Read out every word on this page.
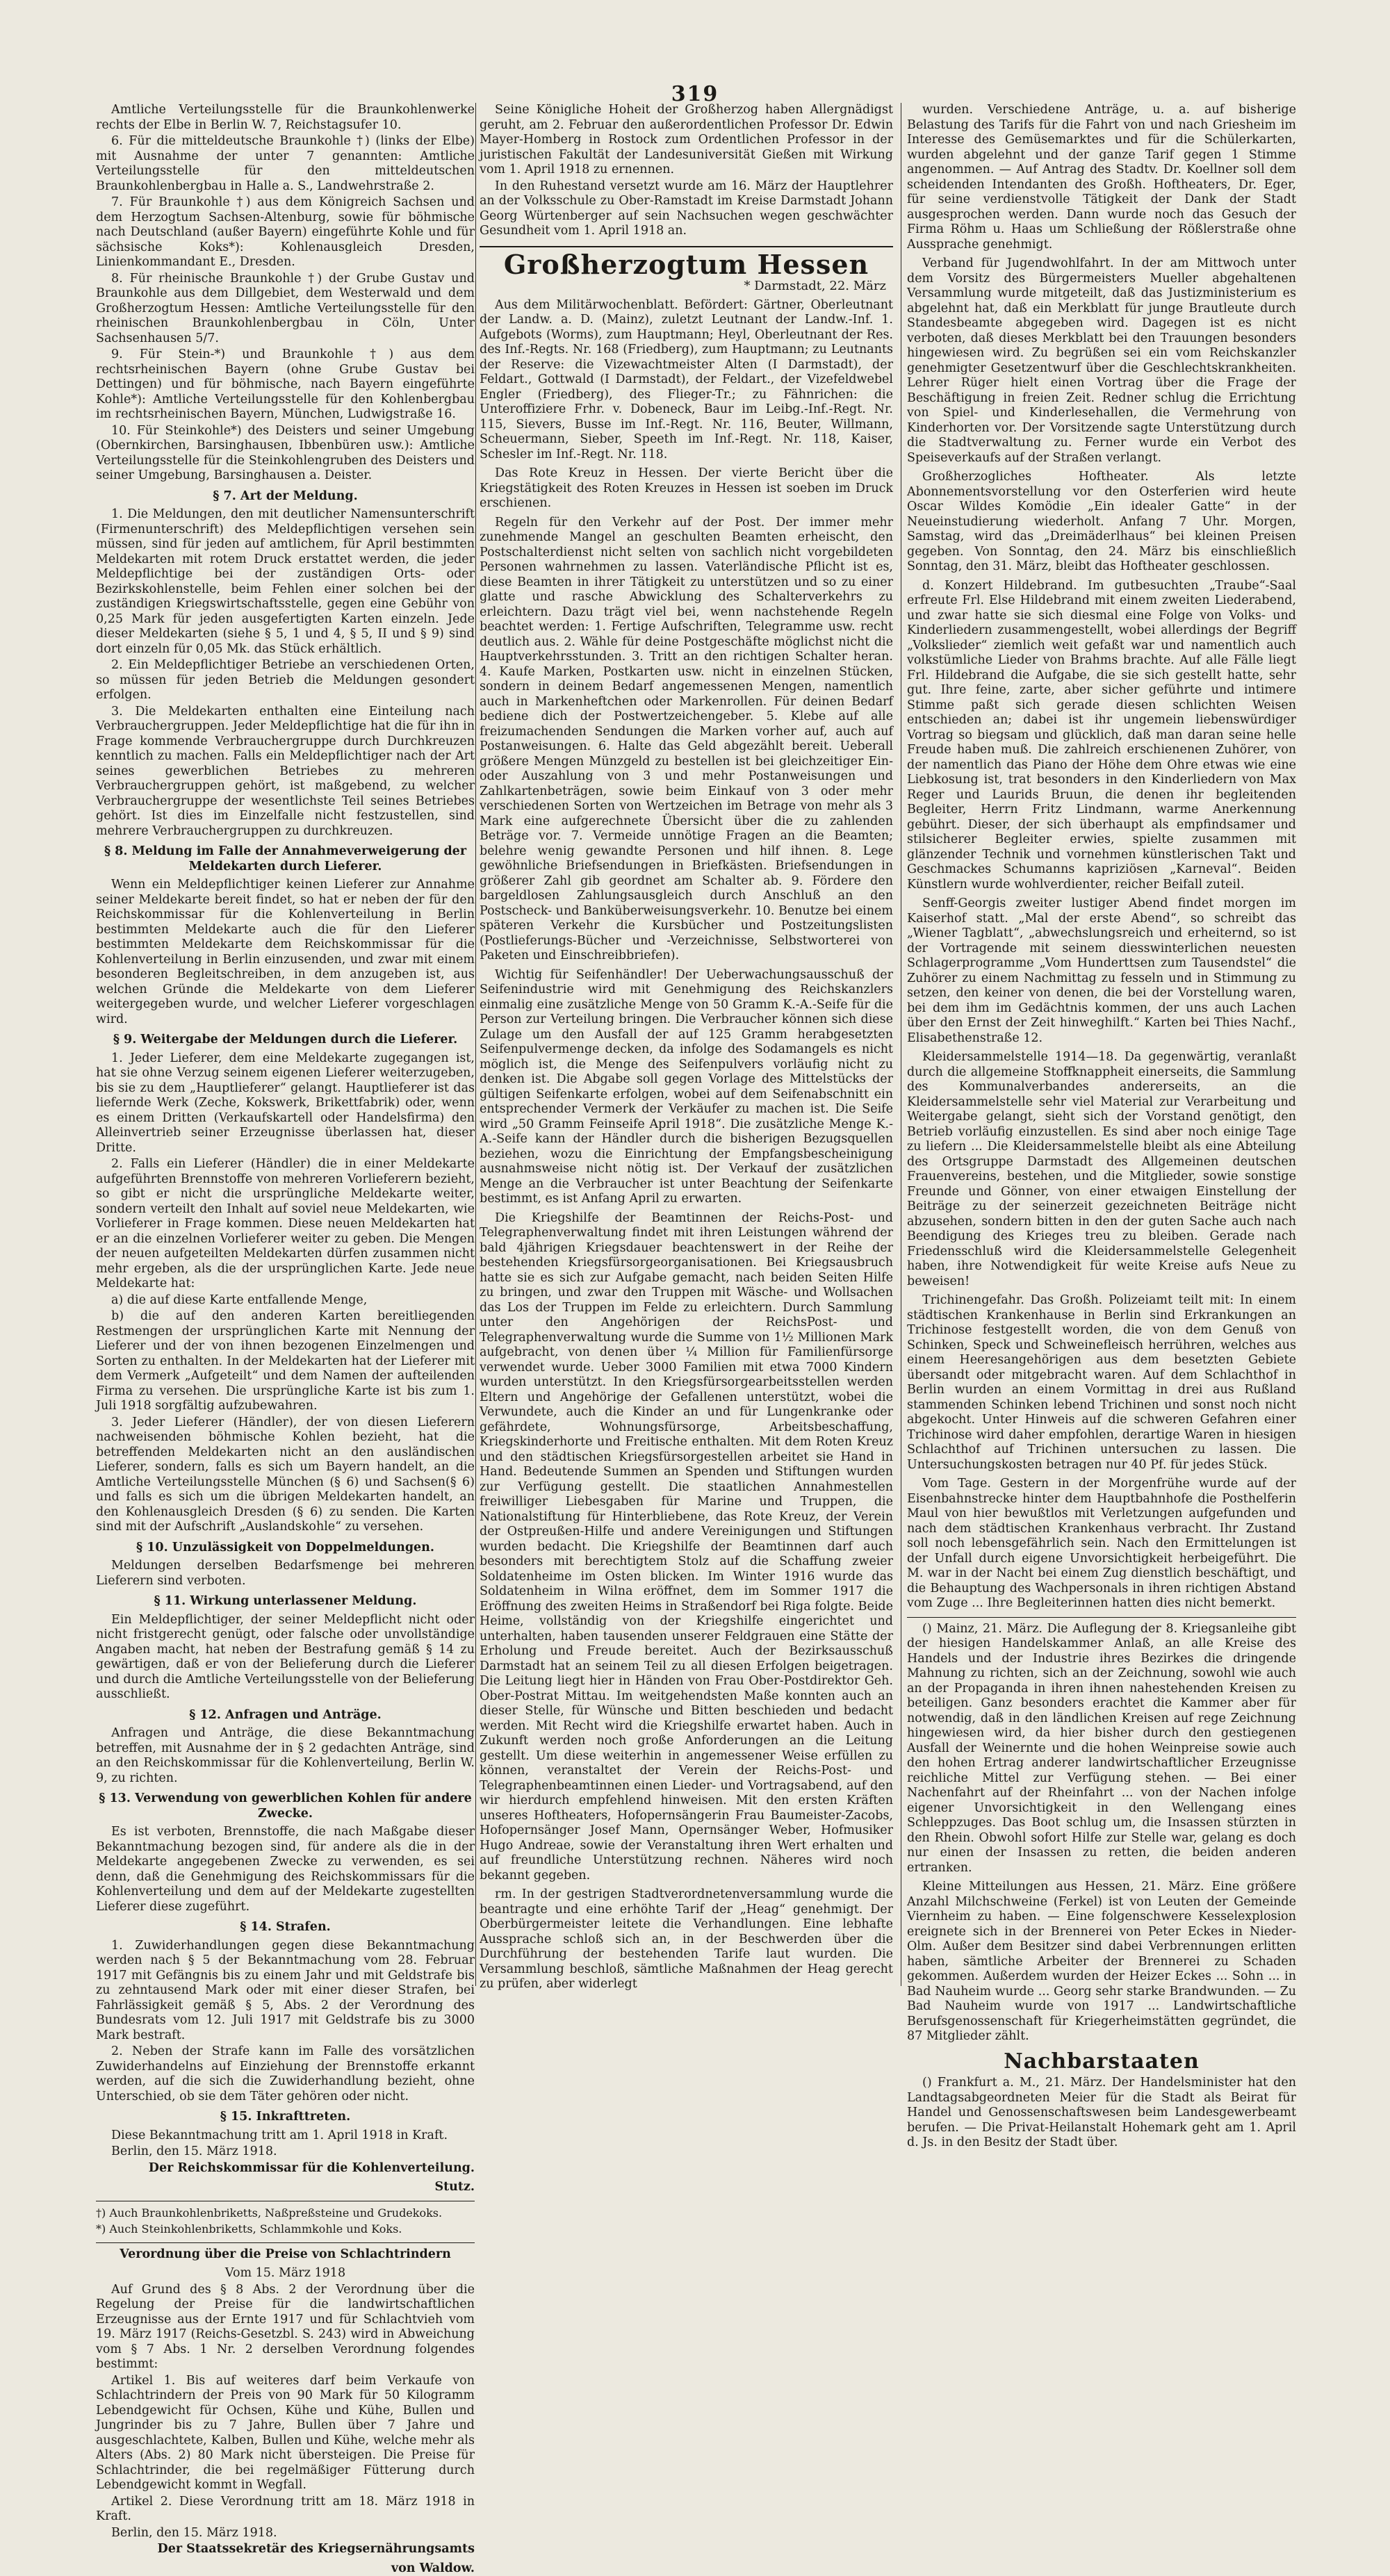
319

Amtliche Verteilungsstelle für die Braunkohlenwerke rechts der Elbe in Berlin W. 7, Reichstagsufer 10.

6. Für die mitteldeutsche Braunkohle †) (links der Elbe) mit Ausnahme der unter 7 genannten: Amtliche Verteilungsstelle für den mitteldeutschen Braunkohlenbergbau in Halle a. S., Landwehrstraße 2.

7. Für Braunkohle †) aus dem Königreich Sachsen und dem Herzogtum Sachsen-Altenburg, sowie für böhmische nach Deutschland (außer Bayern) eingeführte Kohle und für sächsische Koks*): Kohlenausgleich Dresden, Linienkommandant E., Dresden.

8. Für rheinische Braunkohle †) der Grube Gustav und Braunkohle aus dem Dillgebiet, dem Westerwald und dem Großherzogtum Hessen: Amtliche Verteilungsstelle für den rheinischen Braunkohlenbergbau in Cöln, Unter Sachsenhausen 5/7.

9. Für Stein-*) und Braunkohle †) aus dem rechtsrheinischen Bayern (ohne Grube Gustav bei Dettingen) und für böhmische, nach Bayern eingeführte Kohle*): Amtliche Verteilungsstelle für den Kohlenbergbau im rechtsrheinischen Bayern, München, Ludwigstraße 16.

10. Für Steinkohle*) des Deisters und seiner Umgebung (Obernkirchen, Barsinghausen, Ibbenbüren usw.): Amtliche Verteilungsstelle für die Steinkohlengruben des Deisters und seiner Umgebung, Barsinghausen a. Deister.

§ 7. Art der Meldung.

1. Die Meldungen, den mit deutlicher Namensunterschrift (Firmenunterschrift) des Meldepflichtigen versehen sein müssen, sind für jeden auf amtlichem, für April bestimmten Meldekarten mit rotem Druck erstattet werden, die jeder Meldepflichtige bei der zuständigen Orts- oder Bezirkskohlenstelle, beim Fehlen einer solchen bei der zuständigen Kriegswirtschaftsstelle, gegen eine Gebühr von 0,25 Mark für jeden ausgefertigten Karten einzeln. Jede dieser Meldekarten (siehe § 5, 1 und 4, § 5, II und § 9) sind dort einzeln für 0,05 Mk. das Stück erhältlich.

2. Ein Meldepflichtiger Betriebe an verschiedenen Orten, so müssen für jeden Betrieb die Meldungen gesondert erfolgen.

3. Die Meldekarten enthalten eine Einteilung nach Verbrauchergruppen. Jeder Meldepflichtige hat die für ihn in Frage kommende Verbrauchergruppe durch Durchkreuzen kenntlich zu machen. Falls ein Meldepflichtiger nach der Art seines gewerblichen Betriebes zu mehreren Verbrauchergruppen gehört, ist maßgebend, zu welcher Verbrauchergruppe der wesentlichste Teil seines Betriebes gehört. Ist dies im Einzelfalle nicht festzustellen, sind mehrere Verbrauchergruppen zu durchkreuzen.

§ 8. Meldung im Falle der Annahmeverweigerung der Meldekarten durch Lieferer.

Wenn ein Meldepflichtiger keinen Lieferer zur Annahme seiner Meldekarte bereit findet, so hat er neben der für den Reichskommissar für die Kohlenverteilung in Berlin bestimmten Meldekarte auch die für den Lieferer bestimmten Meldekarte dem Reichskommissar für die Kohlenverteilung in Berlin einzusenden, und zwar mit einem besonderen Begleitschreiben, in dem anzugeben ist, aus welchen Gründe die Meldekarte von dem Lieferer weitergegeben wurde, und welcher Lieferer vorgeschlagen wird.

§ 9. Weitergabe der Meldungen durch die Lieferer.

1. Jeder Lieferer, dem eine Meldekarte zugegangen ist, hat sie ohne Verzug seinem eigenen Lieferer weiterzugeben, bis sie zu dem „Hauptlieferer“ gelangt. Hauptlieferer ist das liefernde Werk (Zeche, Kokswerk, Brikettfabrik) oder, wenn es einem Dritten (Verkaufskartell oder Handelsfirma) den Alleinvertrieb seiner Erzeugnisse überlassen hat, dieser Dritte.

2. Falls ein Lieferer (Händler) die in einer Meldekarte aufgeführten Brennstoffe von mehreren Vorlieferern bezieht, so gibt er nicht die ursprüngliche Meldekarte weiter, sondern verteilt den Inhalt auf soviel neue Meldekarten, wie Vorlieferer in Frage kommen. Diese neuen Meldekarten hat er an die einzelnen Vorlieferer weiter zu geben. Die Mengen der neuen aufgeteilten Meldekarten dürfen zusammen nicht mehr ergeben, als die der ursprünglichen Karte. Jede neue Meldekarte hat:

a) die auf diese Karte entfallende Menge,

b) die auf den anderen Karten bereitliegenden Restmengen der ursprünglichen Karte mit Nennung der Lieferer und der von ihnen bezogenen Einzelmengen und Sorten zu enthalten. In der Meldekarten hat der Lieferer mit dem Vermerk „Aufgeteilt“ und dem Namen der aufteilenden Firma zu versehen. Die ursprüngliche Karte ist bis zum 1. Juli 1918 sorgfältig aufzubewahren.

3. Jeder Lieferer (Händler), der von diesen Lieferern nachweisenden böhmische Kohlen bezieht, hat die betreffenden Meldekarten nicht an den ausländischen Lieferer, sondern, falls es sich um Bayern handelt, an die Amtliche Verteilungsstelle München (§ 6) und Sachsen(§ 6) und falls es sich um die übrigen Meldekarten handelt, an den Kohlenausgleich Dresden (§ 6) zu senden. Die Karten sind mit der Aufschrift „Auslandskohle“ zu versehen.

§ 10. Unzulässigkeit von Doppelmeldungen.

Meldungen derselben Bedarfsmenge bei mehreren Lieferern sind verboten.

§ 11. Wirkung unterlassener Meldung.

Ein Meldepflichtiger, der seiner Meldepflicht nicht oder nicht fristgerecht genügt, oder falsche oder unvollständige Angaben macht, hat neben der Bestrafung gemäß § 14 zu gewärtigen, daß er von der Belieferung durch die Lieferer und durch die Amtliche Verteilungsstelle von der Belieferung ausschließt.

§ 12. Anfragen und Anträge.

Anfragen und Anträge, die diese Bekanntmachung betreffen, mit Ausnahme der in § 2 gedachten Anträge, sind an den Reichskommissar für die Kohlenverteilung, Berlin W. 9, zu richten.

§ 13. Verwendung von gewerblichen Kohlen für andere Zwecke.

Es ist verboten, Brennstoffe, die nach Maßgabe dieser Bekanntmachung bezogen sind, für andere als die in der Meldekarte angegebenen Zwecke zu verwenden, es sei denn, daß die Genehmigung des Reichskommissars für die Kohlenverteilung und dem auf der Meldekarte zugestellten Lieferer diese zugeführt.

§ 14. Strafen.

1. Zuwiderhandlungen gegen diese Bekanntmachung werden nach § 5 der Bekanntmachung vom 28. Februar 1917 mit Gefängnis bis zu einem Jahr und mit Geldstrafe bis zu zehntausend Mark oder mit einer dieser Strafen, bei Fahrlässigkeit gemäß § 5, Abs. 2 der Verordnung des Bundesrats vom 12. Juli 1917 mit Geldstrafe bis zu 3000 Mark bestraft.

2. Neben der Strafe kann im Falle des vorsätzlichen Zuwiderhandelns auf Einziehung der Brennstoffe erkannt werden, auf die sich die Zuwiderhandlung bezieht, ohne Unterschied, ob sie dem Täter gehören oder nicht.

§ 15. Inkrafttreten.

Diese Bekanntmachung tritt am 1. April 1918 in Kraft.

Berlin, den 15. März 1918.

Der Reichskommissar für die Kohlenverteilung.

Stutz.

†) Auch Braunkohlenbriketts, Naßpreßsteine und Grudekoks.

*) Auch Steinkohlenbriketts, Schlammkohle und Koks.

Verordnung über die Preise von Schlachtrindern

Vom 15. März 1918

Auf Grund des § 8 Abs. 2 der Verordnung über die Regelung der Preise für die landwirtschaftlichen Erzeugnisse aus der Ernte 1917 und für Schlachtvieh vom 19. März 1917 (Reichs-Gesetzbl. S. 243) wird in Abweichung vom § 7 Abs. 1 Nr. 2 derselben Verordnung folgendes bestimmt:

Artikel 1. Bis auf weiteres darf beim Verkaufe von Schlachtrindern der Preis von 90 Mark für 50 Kilogramm Lebendgewicht für Ochsen, Kühe und Kühe, Bullen und Jungrinder bis zu 7 Jahre, Bullen über 7 Jahre und ausgeschlachtete, Kalben, Bullen und Kühe, welche mehr als Alters (Abs. 2) 80 Mark nicht übersteigen. Die Preise für Schlachtrinder, die bei regelmäßiger Fütterung durch Lebendgewicht kommt in Wegfall.

Artikel 2. Diese Verordnung tritt am 18. März 1918 in Kraft.

Berlin, den 15. März 1918.

Der Staatssekretär des Kriegsernährungsamts

von Waldow.

Seine Königliche Hoheit der Großherzog haben Allergnädigst geruht, am 2. Februar den außerordentlichen Professor Dr. Edwin Mayer-Homberg in Rostock zum Ordentlichen Professor in der juristischen Fakultät der Landesuniversität Gießen mit Wirkung vom 1. April 1918 zu ernennen.

In den Ruhestand versetzt wurde am 16. März der Hauptlehrer an der Volksschule zu Ober-Ramstadt im Kreise Darmstadt Johann Georg Würtenberger auf sein Nachsuchen wegen geschwächter Gesundheit vom 1. April 1918 an.

Großherzogtum Hessen
* Darmstadt, 22. März

Aus dem Militärwochenblatt. Befördert: Gärtner, Oberleutnant der Landw. a. D. (Mainz), zuletzt Leutnant der Landw.-Inf. 1. Aufgebots (Worms), zum Hauptmann; Heyl, Oberleutnant der Res. des Inf.-Regts. Nr. 168 (Friedberg), zum Hauptmann; zu Leutnants der Reserve: die Vizewachtmeister Alten (I Darmstadt), der Feldart., Gottwald (I Darmstadt), der Feldart., der Vizefeldwebel Engler (Friedberg), des Flieger-Tr.; zu Fähnrichen: die Unteroffiziere Frhr. v. Dobeneck, Baur im Leibg.-Inf.-Regt. Nr. 115, Sievers, Busse im Inf.-Regt. Nr. 116, Beuter, Willmann, Scheuermann, Sieber, Speeth im Inf.-Regt. Nr. 118, Kaiser, Schesler im Inf.-Regt. Nr. 118.

Das Rote Kreuz in Hessen. Der vierte Bericht über die Kriegstätigkeit des Roten Kreuzes in Hessen ist soeben im Druck erschienen.

Regeln für den Verkehr auf der Post. Der immer mehr zunehmende Mangel an geschulten Beamten erheischt, den Postschalterdienst nicht selten von sachlich nicht vorgebildeten Personen wahrnehmen zu lassen. Vaterländische Pflicht ist es, diese Beamten in ihrer Tätigkeit zu unterstützen und so zu einer glatte und rasche Abwicklung des Schalterverkehrs zu erleichtern. Dazu trägt viel bei, wenn nachstehende Regeln beachtet werden: 1. Fertige Aufschriften, Telegramme usw. recht deutlich aus. 2. Wähle für deine Postgeschäfte möglichst nicht die Hauptverkehrsstunden. 3. Tritt an den richtigen Schalter heran. 4. Kaufe Marken, Postkarten usw. nicht in einzelnen Stücken, sondern in deinem Bedarf angemessenen Mengen, namentlich auch in Markenheftchen oder Markenrollen. Für deinen Bedarf bediene dich der Postwertzeichengeber. 5. Klebe auf alle freizumachenden Sendungen die Marken vorher auf, auch auf Postanweisungen. 6. Halte das Geld abgezählt bereit. Ueberall größere Mengen Münzgeld zu bestellen ist bei gleichzeitiger Ein- oder Auszahlung von 3 und mehr Postanweisungen und Zahlkartenbeträgen, sowie beim Einkauf von 3 oder mehr verschiedenen Sorten von Wertzeichen im Betrage von mehr als 3 Mark eine aufgerechnete Übersicht über die zu zahlenden Beträge vor. 7. Vermeide unnötige Fragen an die Beamten; belehre wenig gewandte Personen und hilf ihnen. 8. Lege gewöhnliche Briefsendungen in Briefkästen. Briefsendungen in größerer Zahl gib geordnet am Schalter ab. 9. Fördere den bargeldlosen Zahlungsausgleich durch Anschluß an den Postscheck- und Banküberweisungsverkehr. 10. Benutze bei einem späteren Verkehr die Kursbücher und Postzeitungslisten (Postlieferungs-Bücher und -Verzeichnisse, Selbstworterei von Paketen und Einschreibbriefen).

Wichtig für Seifenhändler! Der Ueberwachungsausschuß der Seifenindustrie wird mit Genehmigung des Reichskanzlers einmalig eine zusätzliche Menge von 50 Gramm K.-A.-Seife für die Person zur Verteilung bringen. Die Verbraucher können sich diese Zulage um den Ausfall der auf 125 Gramm herabgesetzten Seifenpulvermenge decken, da infolge des Sodamangels es nicht möglich ist, die Menge des Seifenpulvers vorläufig nicht zu denken ist. Die Abgabe soll gegen Vorlage des Mittelstücks der gültigen Seifenkarte erfolgen, wobei auf dem Seifenabschnitt ein entsprechender Vermerk der Verkäufer zu machen ist. Die Seife wird „50 Gramm Feinseife April 1918“. Die zusätzliche Menge K.-A.-Seife kann der Händler durch die bisherigen Bezugsquellen beziehen, wozu die Einrichtung der Empfangsbescheinigung ausnahmsweise nicht nötig ist. Der Verkauf der zusätzlichen Menge an die Verbraucher ist unter Beachtung der Seifenkarte bestimmt, es ist Anfang April zu erwarten.

Die Kriegshilfe der Beamtinnen der Reichs-Post- und Telegraphenverwaltung findet mit ihren Leistungen während der bald 4jährigen Kriegsdauer beachtenswert in der Reihe der bestehenden Kriegsfürsorgeorganisationen. Bei Kriegsausbruch hatte sie es sich zur Aufgabe gemacht, nach beiden Seiten Hilfe zu bringen, und zwar den Truppen mit Wäsche- und Wollsachen das Los der Truppen im Felde zu erleichtern. Durch Sammlung unter den Angehörigen der ReichsPost- und Telegraphenverwaltung wurde die Summe von 1½ Millionen Mark aufgebracht, von denen über ¼ Million für Familienfürsorge verwendet wurde. Ueber 3000 Familien mit etwa 7000 Kindern wurden unterstützt. In den Kriegsfürsorgearbeitsstellen werden Eltern und Angehörige der Gefallenen unterstützt, wobei die Verwundete, auch die Kinder an und für Lungenkranke oder gefährdete, Wohnungsfürsorge, Arbeitsbeschaffung, Kriegskinderhorte und Freitische enthalten. Mit dem Roten Kreuz und den städtischen Kriegsfürsorgestellen arbeitet sie Hand in Hand. Bedeutende Summen an Spenden und Stiftungen wurden zur Verfügung gestellt. Die staatlichen Annahmestellen freiwilliger Liebesgaben für Marine und Truppen, die Nationalstiftung für Hinterbliebene, das Rote Kreuz, der Verein der Ostpreußen-Hilfe und andere Vereinigungen und Stiftungen wurden bedacht. Die Kriegshilfe der Beamtinnen darf auch besonders mit berechtigtem Stolz auf die Schaffung zweier Soldatenheime im Osten blicken. Im Winter 1916 wurde das Soldatenheim in Wilna eröffnet, dem im Sommer 1917 die Eröffnung des zweiten Heims in Straßendorf bei Riga folgte. Beide Heime, vollständig von der Kriegshilfe eingerichtet und unterhalten, haben tausenden unserer Feldgrauen eine Stätte der Erholung und Freude bereitet. Auch der Bezirksausschuß Darmstadt hat an seinem Teil zu all diesen Erfolgen beigetragen. Die Leitung liegt hier in Händen von Frau Ober-Postdirektor Geh. Ober-Postrat Mittau. Im weitgehendsten Maße konnten auch an dieser Stelle, für Wünsche und Bitten beschieden und bedacht werden. Mit Recht wird die Kriegshilfe erwartet haben. Auch in Zukunft werden noch große Anforderungen an die Leitung gestellt. Um diese weiterhin in angemessener Weise erfüllen zu können, veranstaltet der Verein der Reichs-Post- und Telegraphenbeamtinnen einen Lieder- und Vortragsabend, auf den wir hierdurch empfehlend hinweisen. Mit den ersten Kräften unseres Hoftheaters, Hofopernsängerin Frau Baumeister-Zacobs, Hofopernsänger Josef Mann, Opernsänger Weber, Hofmusiker Hugo Andreae, sowie der Veranstaltung ihren Wert erhalten und auf freundliche Unterstützung rechnen. Näheres wird noch bekannt gegeben.

rm. In der gestrigen Stadtverordnetenversammlung wurde die beantragte und eine erhöhte Tarif der „Heag“ genehmigt. Der Oberbürgermeister leitete die Verhandlungen. Eine lebhafte Aussprache schloß sich an, in der Beschwerden über die Durchführung der bestehenden Tarife laut wurden. Die Versammlung beschloß, sämtliche Maßnahmen der Heag gerecht zu prüfen, aber widerlegt

wurden. Verschiedene Anträge, u. a. auf bisherige Belastung des Tarifs für die Fahrt von und nach Griesheim im Interesse des Gemüsemarktes und für die Schülerkarten, wurden abgelehnt und der ganze Tarif gegen 1 Stimme angenommen. — Auf Antrag des Stadtv. Dr. Koellner soll dem scheidenden Intendanten des Großh. Hoftheaters, Dr. Eger, für seine verdienstvolle Tätigkeit der Dank der Stadt ausgesprochen werden. Dann wurde noch das Gesuch der Firma Röhm u. Haas um Schließung der Rößlerstraße ohne Aussprache genehmigt.

Verband für Jugendwohlfahrt. In der am Mittwoch unter dem Vorsitz des Bürgermeisters Mueller abgehaltenen Versammlung wurde mitgeteilt, daß das Justizministerium es abgelehnt hat, daß ein Merkblatt für junge Brautleute durch Standesbeamte abgegeben wird. Dagegen ist es nicht verboten, daß dieses Merkblatt bei den Trauungen besonders hingewiesen wird. Zu begrüßen sei ein vom Reichskanzler genehmigter Gesetzentwurf über die Geschlechtskrankheiten. Lehrer Rüger hielt einen Vortrag über die Frage der Beschäftigung in freien Zeit. Redner schlug die Errichtung von Spiel- und Kinderlesehallen, die Vermehrung von Kinderhorten vor. Der Vorsitzende sagte Unterstützung durch die Stadtverwaltung zu. Ferner wurde ein Verbot des Speiseverkaufs auf der Straßen verlangt.

Großherzogliches Hoftheater. Als letzte Abonnementsvorstellung vor den Osterferien wird heute Oscar Wildes Komödie „Ein idealer Gatte“ in der Neueinstudierung wiederholt. Anfang 7 Uhr. Morgen, Samstag, wird das „Dreimäderlhaus“ bei kleinen Preisen gegeben. Von Sonntag, den 24. März bis einschließlich Sonntag, den 31. März, bleibt das Hoftheater geschlossen.

d. Konzert Hildebrand. Im gutbesuchten „Traube“-Saal erfreute Frl. Else Hildebrand mit einem zweiten Liederabend, und zwar hatte sie sich diesmal eine Folge von Volks- und Kinderliedern zusammengestellt, wobei allerdings der Begriff „Volkslieder“ ziemlich weit gefaßt war und namentlich auch volkstümliche Lieder von Brahms brachte. Auf alle Fälle liegt Frl. Hildebrand die Aufgabe, die sie sich gestellt hatte, sehr gut. Ihre feine, zarte, aber sicher geführte und intimere Stimme paßt sich gerade diesen schlichten Weisen entschieden an; dabei ist ihr ungemein liebenswürdiger Vortrag so biegsam und glücklich, daß man daran seine helle Freude haben muß. Die zahlreich erschienenen Zuhörer, von der namentlich das Piano der Höhe dem Ohre etwas wie eine Liebkosung ist, trat besonders in den Kinderliedern von Max Reger und Laurids Bruun, die denen ihr begleitenden Begleiter, Herrn Fritz Lindmann, warme Anerkennung gebührt. Dieser, der sich überhaupt als empfindsamer und stilsicherer Begleiter erwies, spielte zusammen mit glänzender Technik und vornehmen künstlerischen Takt und Geschmackes Schumanns kapriziösen „Karneval“. Beiden Künstlern wurde wohlverdienter, reicher Beifall zuteil.

Senff-Georgis zweiter lustiger Abend findet morgen im Kaiserhof statt. „Mal der erste Abend“, so schreibt das „Wiener Tagblatt“, „abwechslungsreich und erheiternd, so ist der Vortragende mit seinem diesswinterlichen neuesten Schlagerprogramme „Vom Hunderttsen zum Tausendstel“ die Zuhörer zu einem Nachmittag zu fesseln und in Stimmung zu setzen, den keiner von denen, die bei der Vorstellung waren, bei dem ihm im Gedächtnis kommen, der uns auch Lachen über den Ernst der Zeit hinweghilft.“ Karten bei Thies Nachf., Elisabethenstraße 12.

Kleidersammelstelle 1914—18. Da gegenwärtig, veranlaßt durch die allgemeine Stoffknappheit einerseits, die Sammlung des Kommunalverbandes andererseits, an die Kleidersammelstelle sehr viel Material zur Verarbeitung und Weitergabe gelangt, sieht sich der Vorstand genötigt, den Betrieb vorläufig einzustellen. Es sind aber noch einige Tage zu liefern ... Die Kleidersammelstelle bleibt als eine Abteilung des Ortsgruppe Darmstadt des Allgemeinen deutschen Frauenvereins, bestehen, und die Mitglieder, sowie sonstige Freunde und Gönner, von einer etwaigen Einstellung der Beiträge zu der seinerzeit gezeichneten Beiträge nicht abzusehen, sondern bitten in den der guten Sache auch nach Beendigung des Krieges treu zu bleiben. Gerade nach Friedensschluß wird die Kleidersammelstelle Gelegenheit haben, ihre Notwendigkeit für weite Kreise aufs Neue zu beweisen!

Trichinengefahr. Das Großh. Polizeiamt teilt mit: In einem städtischen Krankenhause in Berlin sind Erkrankungen an Trichinose festgestellt worden, die von dem Genuß von Schinken, Speck und Schweinefleisch herrühren, welches aus einem Heeresangehörigen aus dem besetzten Gebiete übersandt oder mitgebracht waren. Auf dem Schlachthof in Berlin wurden an einem Vormittag in drei aus Rußland stammenden Schinken lebend Trichinen und sonst noch nicht abgekocht. Unter Hinweis auf die schweren Gefahren einer Trichinose wird daher empfohlen, derartige Waren in hiesigen Schlachthof auf Trichinen untersuchen zu lassen. Die Untersuchungskosten betragen nur 40 Pf. für jedes Stück.

Vom Tage. Gestern in der Morgenfrühe wurde auf der Eisenbahnstrecke hinter dem Hauptbahnhofe die Posthelferin Maul von hier bewußtlos mit Verletzungen aufgefunden und nach dem städtischen Krankenhaus verbracht. Ihr Zustand soll noch lebensgefährlich sein. Nach den Ermittelungen ist der Unfall durch eigene Unvorsichtigkeit herbeigeführt. Die M. war in der Nacht bei einem Zug dienstlich beschäftigt, und die Behauptung des Wachpersonals in ihren richtigen Abstand vom Zuge ... Ihre Begleiterinnen hatten dies nicht bemerkt.

() Mainz, 21. März. Die Auflegung der 8. Kriegsanleihe gibt der hiesigen Handelskammer Anlaß, an alle Kreise des Handels und der Industrie ihres Bezirkes die dringende Mahnung zu richten, sich an der Zeichnung, sowohl wie auch an der Propaganda in ihren ihnen nahestehenden Kreisen zu beteiligen. Ganz besonders erachtet die Kammer aber für notwendig, daß in den ländlichen Kreisen auf rege Zeichnung hingewiesen wird, da hier bisher durch den gestiegenen Ausfall der Weinernte und die hohen Weinpreise sowie auch den hohen Ertrag anderer landwirtschaftlicher Erzeugnisse reichliche Mittel zur Verfügung stehen. — Bei einer Nachenfahrt auf der Rheinfahrt ... von der Nachen infolge eigener Unvorsichtigkeit in den Wellengang eines Schleppzuges. Das Boot schlug um, die Insassen stürzten in den Rhein. Obwohl sofort Hilfe zur Stelle war, gelang es doch nur einen der Insassen zu retten, die beiden anderen ertranken.

Kleine Mitteilungen aus Hessen, 21. März. Eine größere Anzahl Milchschweine (Ferkel) ist von Leuten der Gemeinde Viernheim zu haben. — Eine folgenschwere Kesselexplosion ereignete sich in der Brennerei von Peter Eckes in Nieder-Olm. Außer dem Besitzer sind dabei Verbrennungen erlitten haben, sämtliche Arbeiter der Brennerei zu Schaden gekommen. Außerdem wurden der Heizer Eckes ... Sohn ... in Bad Nauheim wurde ... Georg sehr starke Brandwunden. — Zu Bad Nauheim wurde von 1917 ... Landwirtschaftliche Berufsgenossenschaft für Kriegerheimstätten gegründet, die 87 Mitglieder zählt.

Nachbarstaaten

() Frankfurt a. M., 21. März. Der Handelsminister hat den Landtagsabgeordneten Meier für die Stadt als Beirat für Handel und Genossenschaftswesen beim Landesgewerbeamt berufen. — Die Privat-Heilanstalt Hohemark geht am 1. April d. Js. in den Besitz der Stadt über.
